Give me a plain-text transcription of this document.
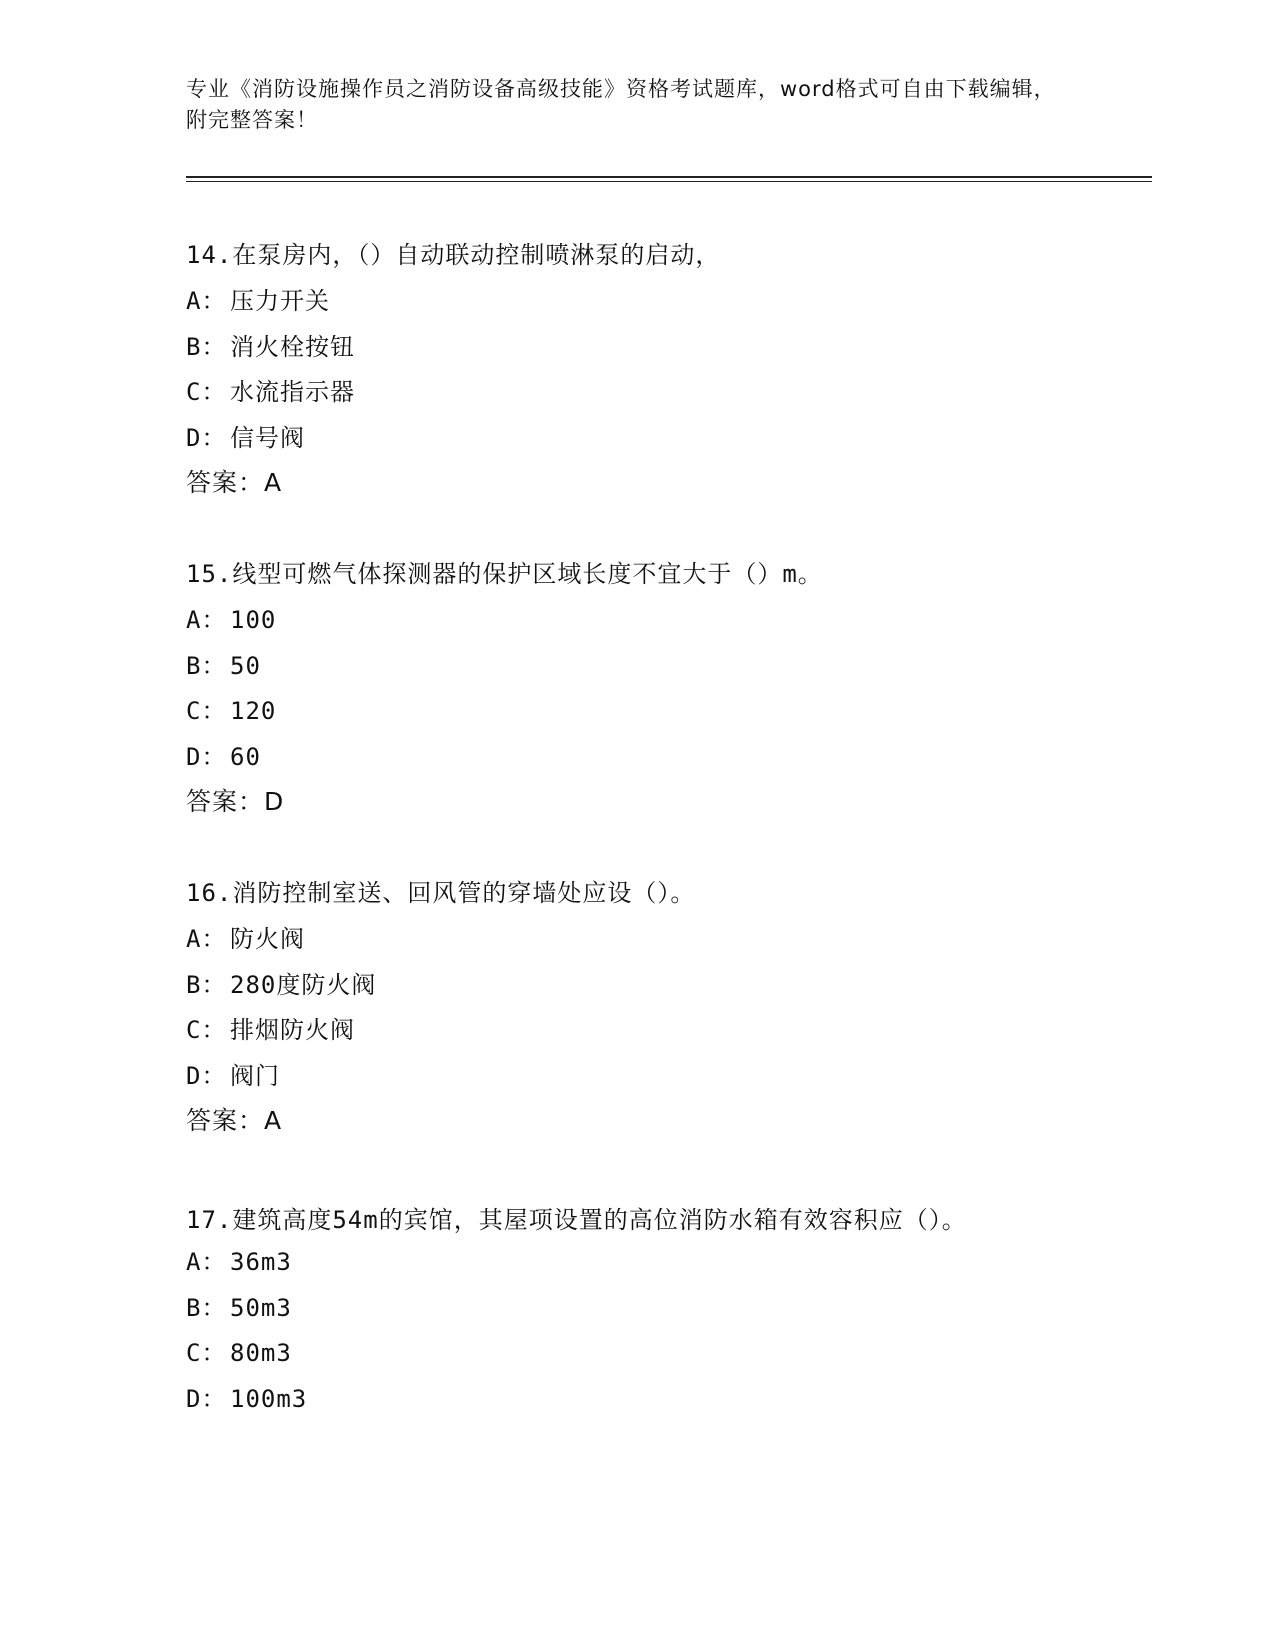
专业《消防设施操作员之消防设备高级技能》资格考试题库，word格式可自由下载编辑，附完整答案！
14.在泵房内，（）自动联动控制喷淋泵的启动，
A： 压力开关
B： 消火栓按钮
C： 水流指示器
D： 信号阀
答案：A
15.线型可燃气体探测器的保护区域长度不宜大于（）m。
A： 100
B： 50
C： 120
D： 60
答案：D
16.消防控制室送、回风管的穿墙处应设（）。
A： 防火阀
B： 280度防火阀
C： 排烟防火阀
D： 阀门
答案：A
17.建筑高度54m的宾馆，其屋项设置的高位消防水箱有效容积应（）。
A： 36m3
B： 50m3
C： 80m3
D： 100m3
